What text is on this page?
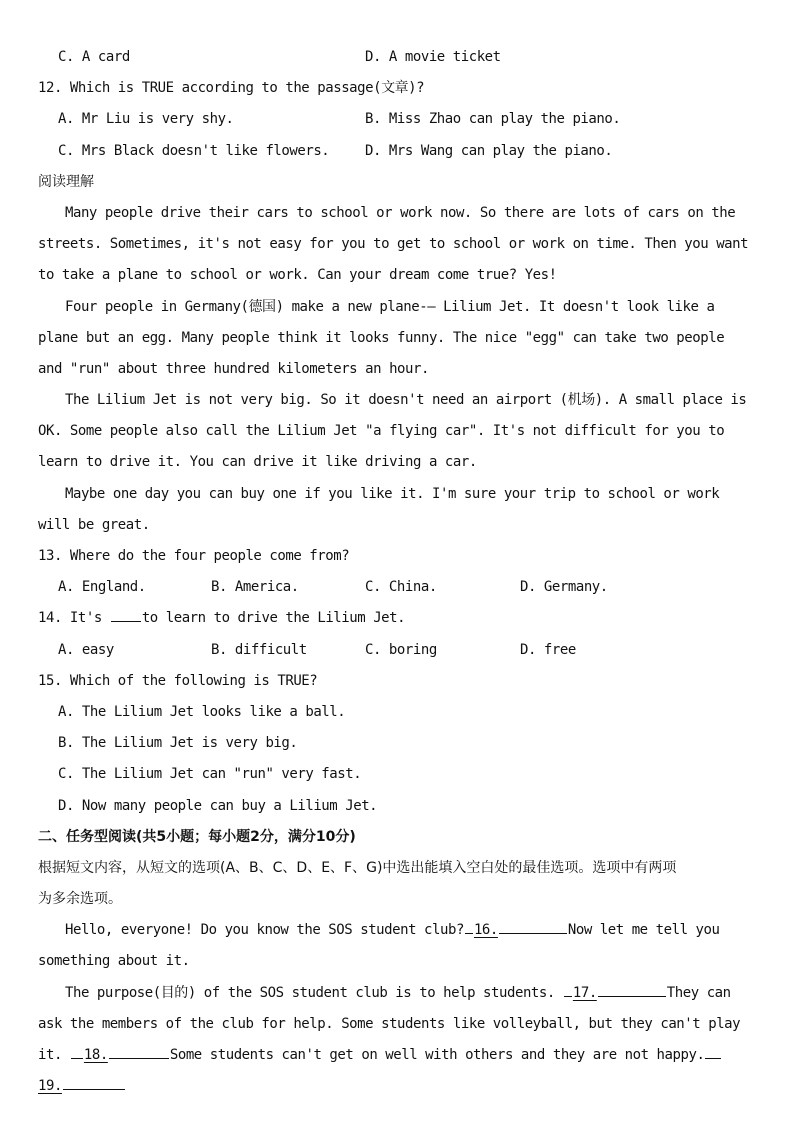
C. A card	D. A movie ticket
12. Which is TRUE according to the passage(文章)?
A. Mr Liu is very shy.	B. Miss Zhao can play the piano.
C. Mrs Black doesn't like flowers.	D. Mrs Wang can play the piano.
阅读理解
Many people drive their cars to school or work now. So there are lots of cars on the
streets. Sometimes, it's not easy for you to get to school or work on time. Then you want
to take a plane to school or work. Can your dream come true? Yes!
Four people in Germany(德国) make a new plane-— Lilium Jet. It doesn't look like a
plane but an egg. Many people think it looks funny. The nice "egg" can take two people
and "run" about three hundred kilometers an hour.
The Lilium Jet is not very big. So it doesn't need an airport (机场). A small place is
OK. Some people also call the Lilium Jet "a flying car". It's not difficult for you to
learn to drive it. You can drive it like driving a car.
Maybe one day you can buy one if you like it. I'm sure your trip to school or work
will be great.
13. Where do the four people come from?
A. England.	B. America.	C. China.	D. Germany.
14. It's to learn to drive the Lilium Jet.
A. easy	B. difficult	C. boring	D. free
15. Which of the following is TRUE?
A. The Lilium Jet looks like a ball.
B. The Lilium Jet is very big.
C. The Lilium Jet can "run" very fast.
D. Now many people can buy a Lilium Jet.
二、任务型阅读(共5小题；每小题2分，满分10分)
根据短文内容，从短文的选项(A、B、C、D、E、F、G)中选出能填入空白处的最佳选项。选项中有两项
为多余选项。
Hello, everyone! Do you know the SOS student club? 16.	Now let me tell you
something about it.
The purpose(目的) of the SOS student club is to help students. 17.	They can
ask the members of the club for help. Some students like volleyball, but they can't play
it. 18.	Some students can't get on well with others and they are not happy.
19.
